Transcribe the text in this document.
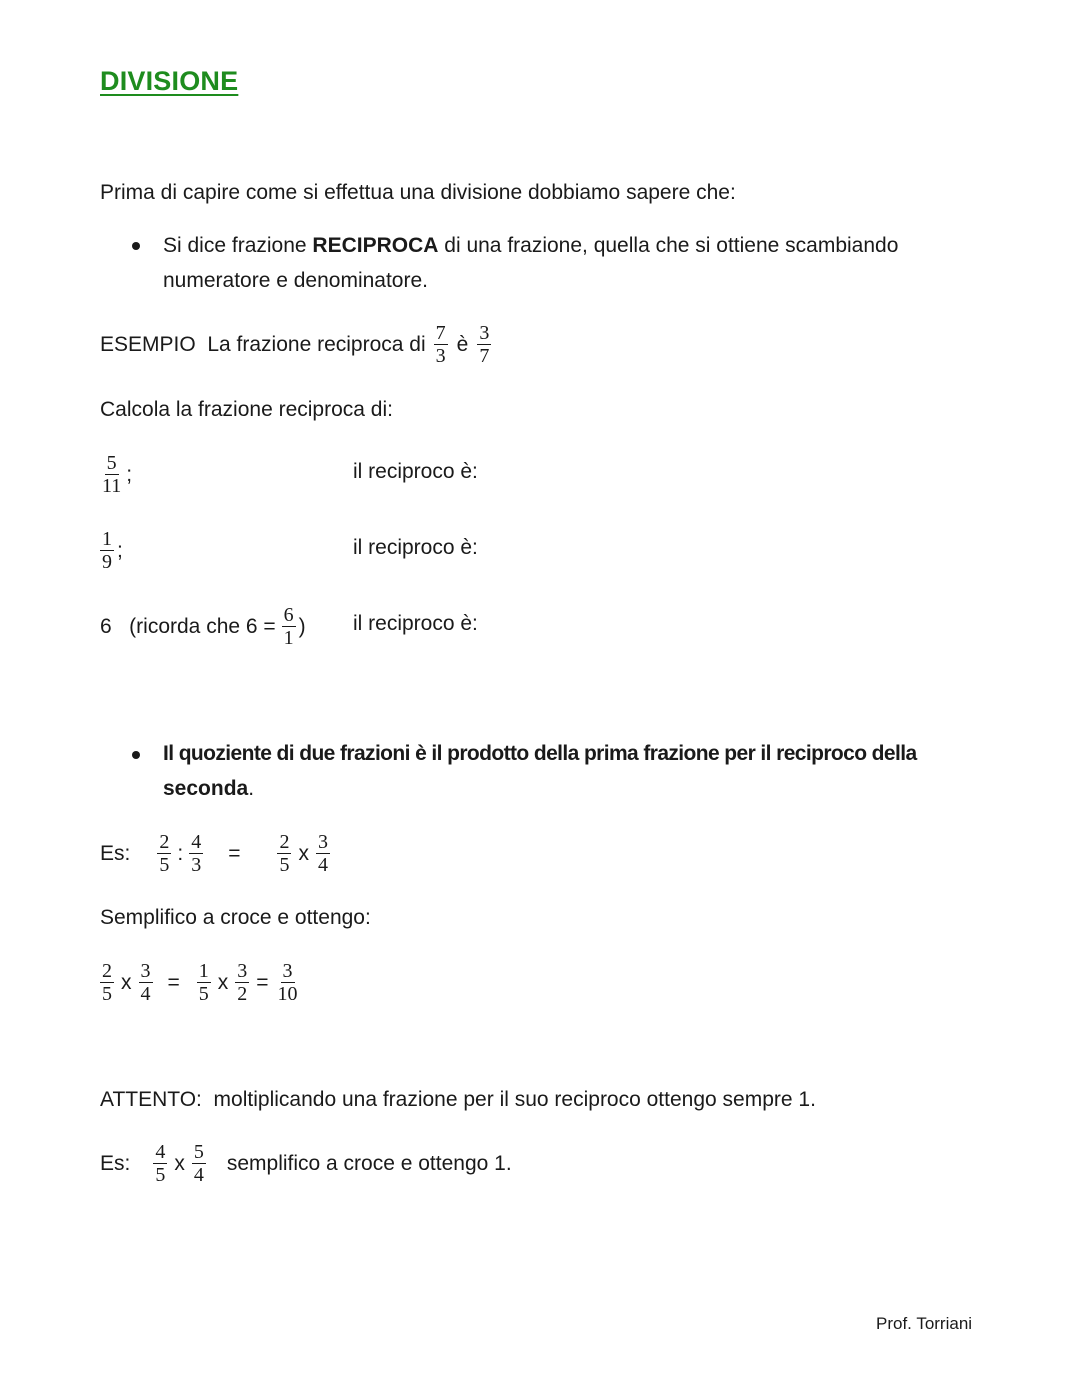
DIVISIONE
Prima di capire come si effettua una divisione dobbiamo sapere che:
Si dice frazione RECIPROCA di una frazione, quella che si ottiene scambiando
numeratore e denominatore.
ESEMPIO  La frazione reciproca di $\frac{7}{3}$ è $\frac{3}{7}$
Calcola la frazione reciproca di:
$\frac{5}{11}$ ;	il reciproco è:
$\frac{1}{9}$ ;	il reciproco è:
6   (ricorda che $6 = \frac{6}{1}$ ) il reciproco è:
Il quoziente di due frazioni è il prodotto della prima frazione per il reciproco della
seconda.
Es: $\frac{2}{5}$ : $\frac{4}{3} = \frac{2}{5}$ x $\frac{3}{4}$
Semplifico a croce e ottengo:
$\frac{2}{5}$ x $\frac{3}{4} = \frac{1}{5}$ x $\frac{3}{2} = \frac{3}{10}$
ATTENTO:  moltiplicando una frazione per il suo reciproco ottengo sempre 1.
Es: $\frac{4}{5}$ x $\frac{5}{4}$ semplifico a croce e ottengo 1.
Prof. Torriani
